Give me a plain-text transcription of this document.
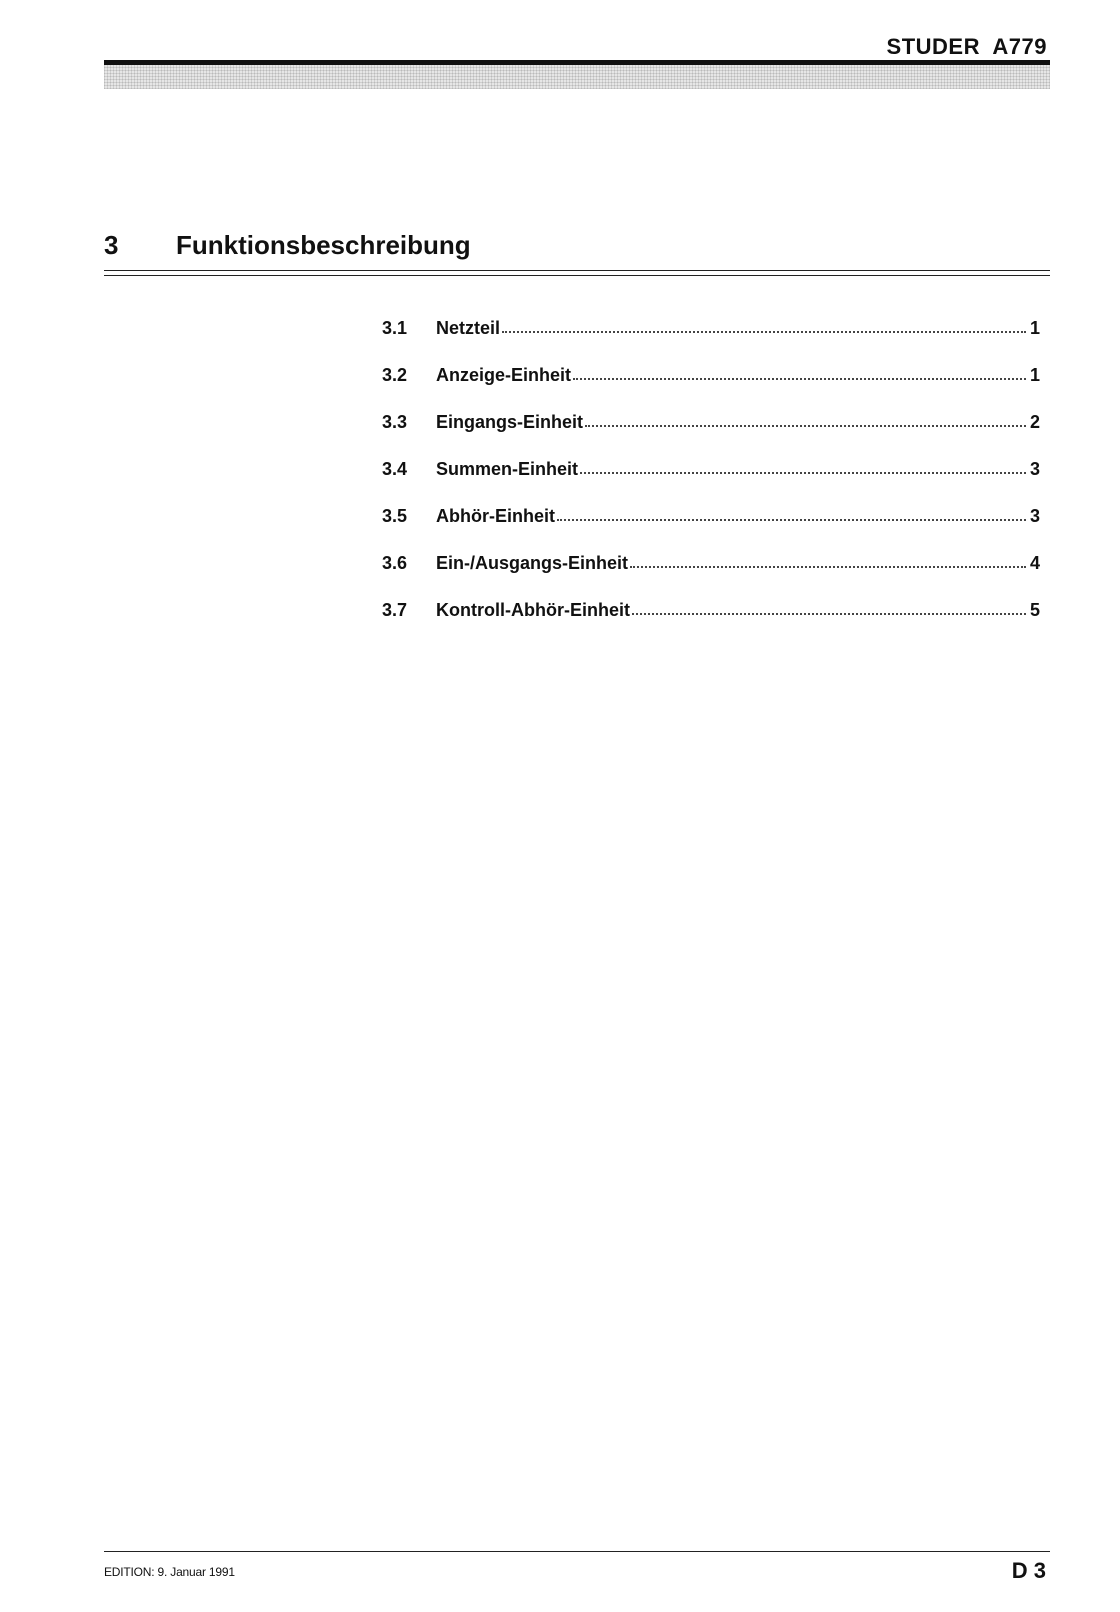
STUDER  A779
3 Funktionsbeschreibung
3.1	Netzteil	1
3.2	Anzeige-Einheit	1
3.3	Eingangs-Einheit	2
3.4	Summen-Einheit	3
3.5	Abhör-Einheit	3
3.6	Ein-/Ausgangs-Einheit	4
3.7	Kontroll-Abhör-Einheit	5
EDITION: 9. Januar 1991	D 3
